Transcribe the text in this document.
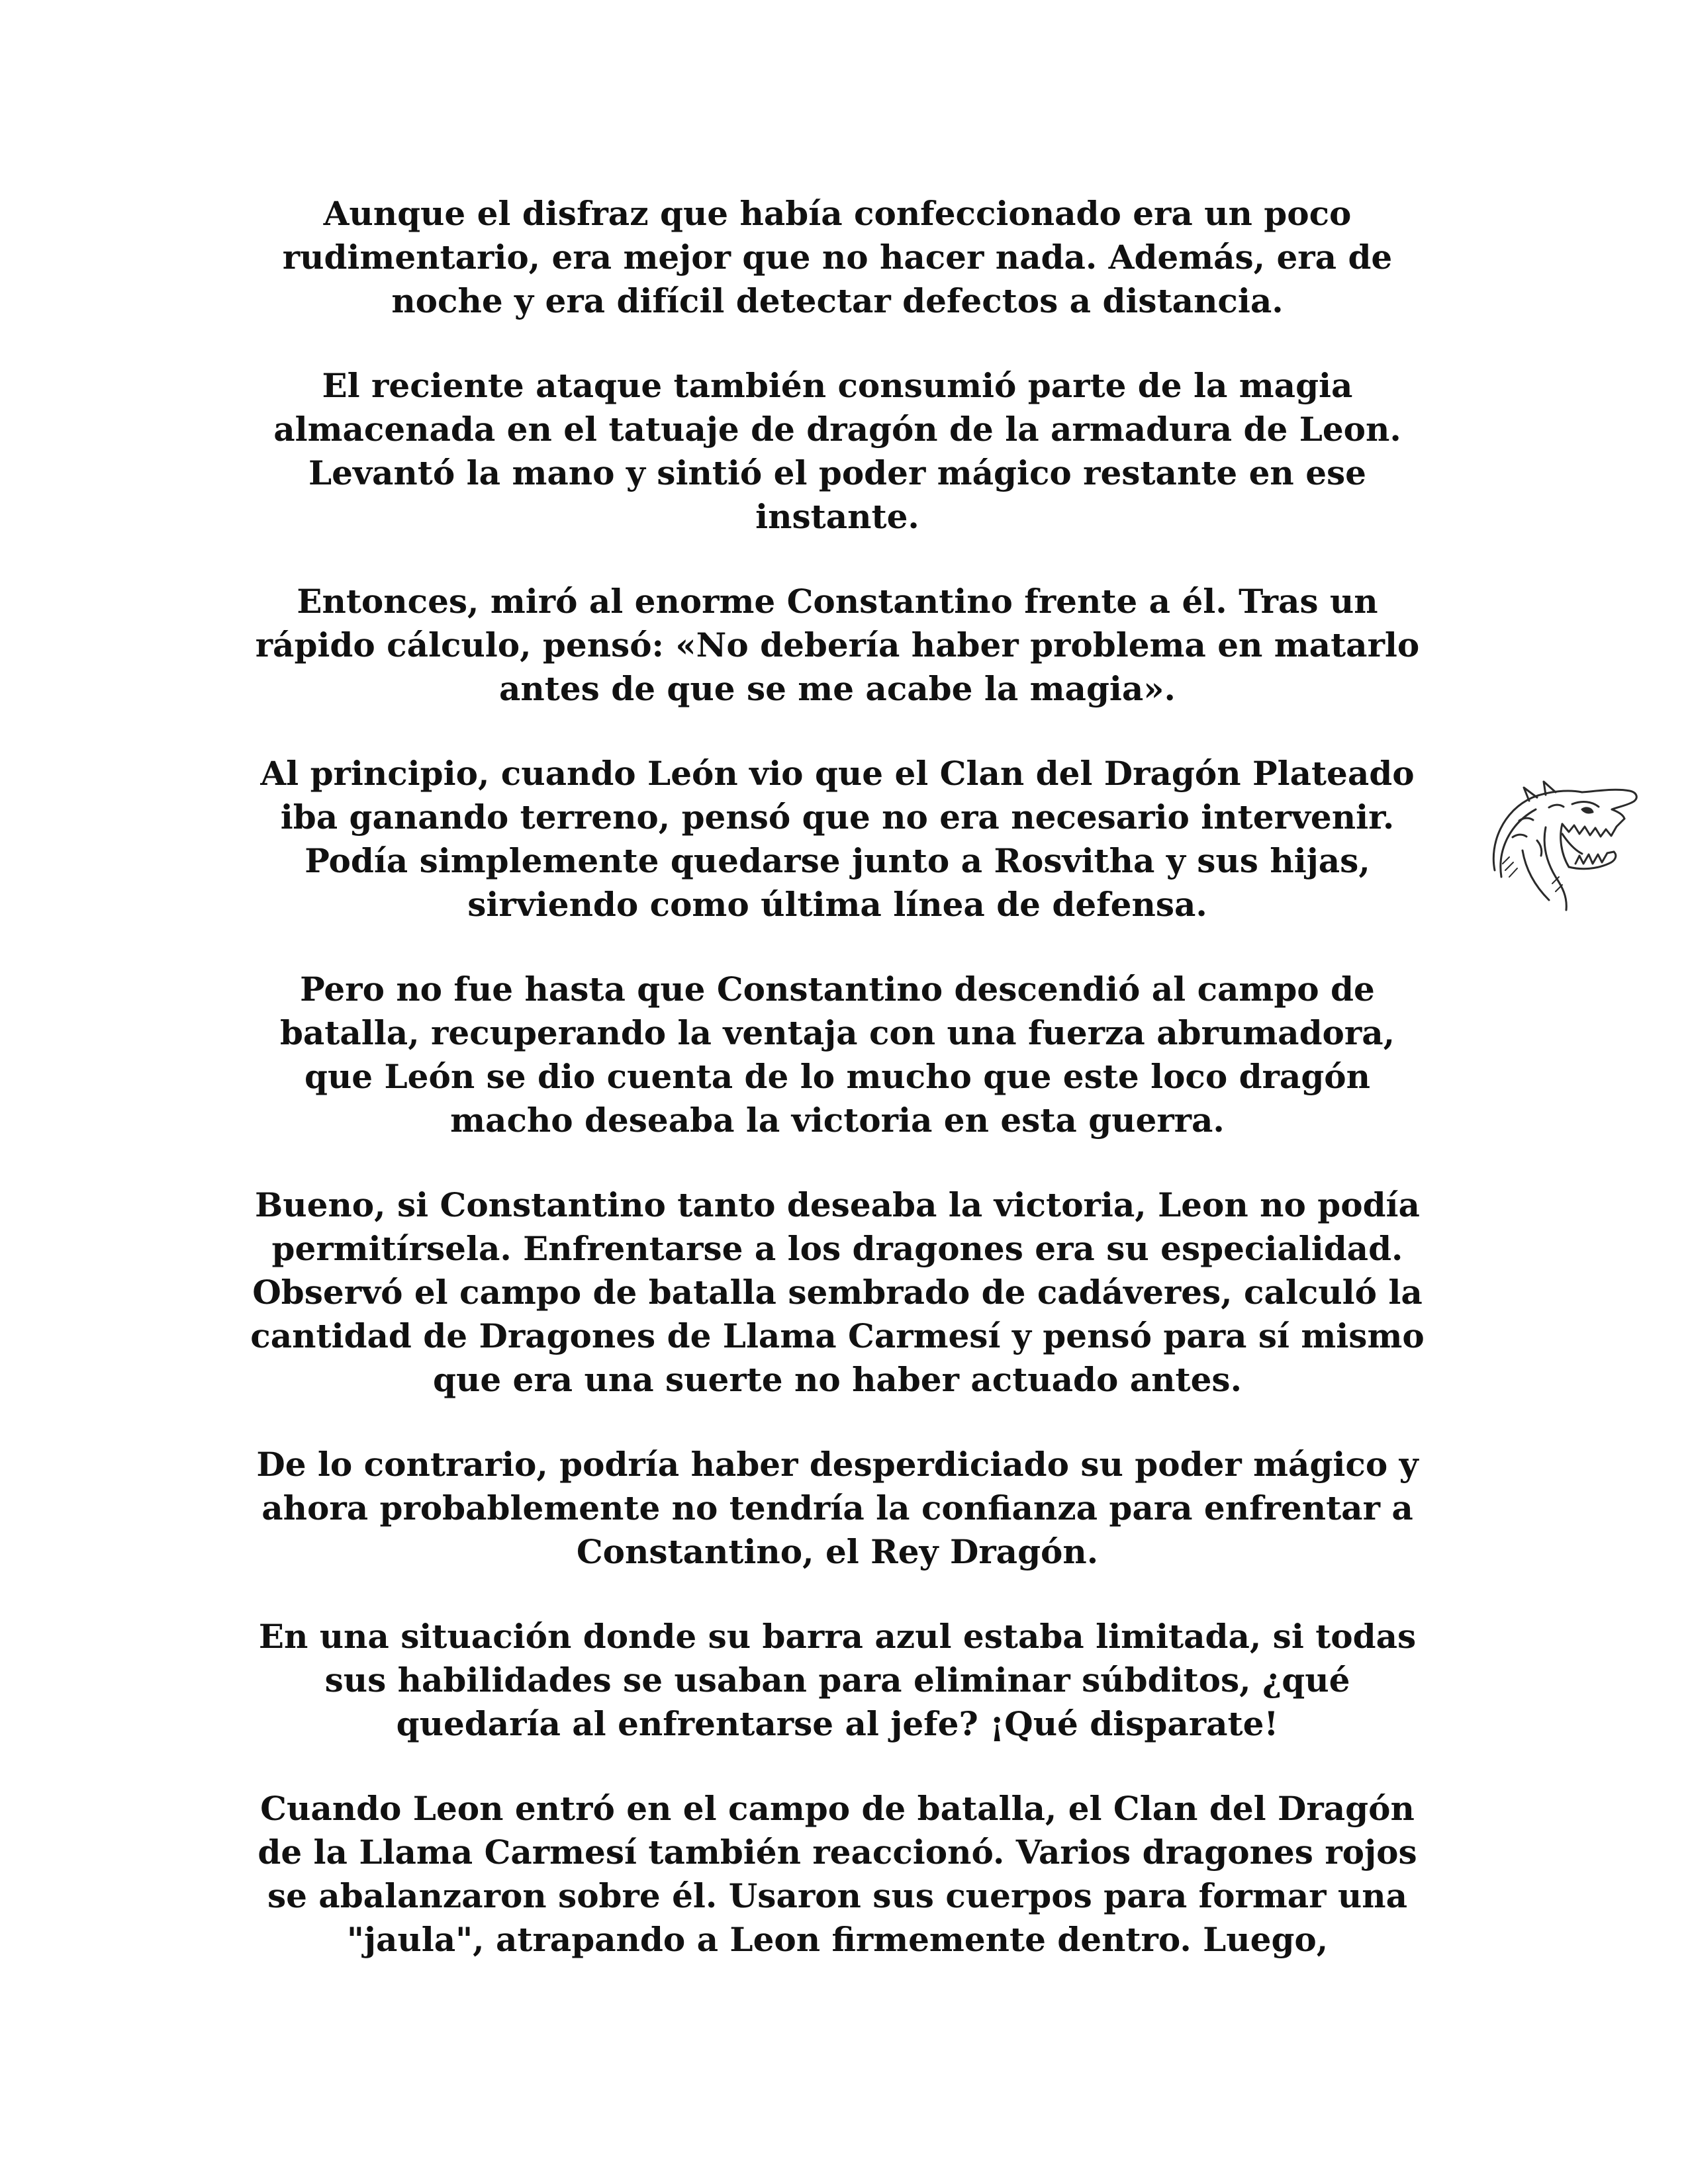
Aunque el disfraz que había confeccionado era un poco
rudimentario, era mejor que no hacer nada. Además, era de
noche y era difícil detectar defectos a distancia.

El reciente ataque también consumió parte de la magia
almacenada en el tatuaje de dragón de la armadura de Leon.
Levantó la mano y sintió el poder mágico restante en ese
instante.

Entonces, miró al enorme Constantino frente a él. Tras un
rápido cálculo, pensó: «No debería haber problema en matarlo
antes de que se me acabe la magia».

Al principio, cuando León vio que el Clan del Dragón Plateado
iba ganando terreno, pensó que no era necesario intervenir.
Podía simplemente quedarse junto a Rosvitha y sus hijas,
sirviendo como última línea de defensa.

Pero no fue hasta que Constantino descendió al campo de
batalla, recuperando la ventaja con una fuerza abrumadora,
que León se dio cuenta de lo mucho que este loco dragón
macho deseaba la victoria en esta guerra.

Bueno, si Constantino tanto deseaba la victoria, Leon no podía
permitírsela. Enfrentarse a los dragones era su especialidad.
Observó el campo de batalla sembrado de cadáveres, calculó la
cantidad de Dragones de Llama Carmesí y pensó para sí mismo
que era una suerte no haber actuado antes.

De lo contrario, podría haber desperdiciado su poder mágico y
ahora probablemente no tendría la confianza para enfrentar a
Constantino, el Rey Dragón.

En una situación donde su barra azul estaba limitada, si todas
sus habilidades se usaban para eliminar súbditos, ¿qué
quedaría al enfrentarse al jefe? ¡Qué disparate!

Cuando Leon entró en el campo de batalla, el Clan del Dragón
de la Llama Carmesí también reaccionó. Varios dragones rojos
se abalanzaron sobre él. Usaron sus cuerpos para formar una
"jaula", atrapando a Leon firmemente dentro. Luego,
